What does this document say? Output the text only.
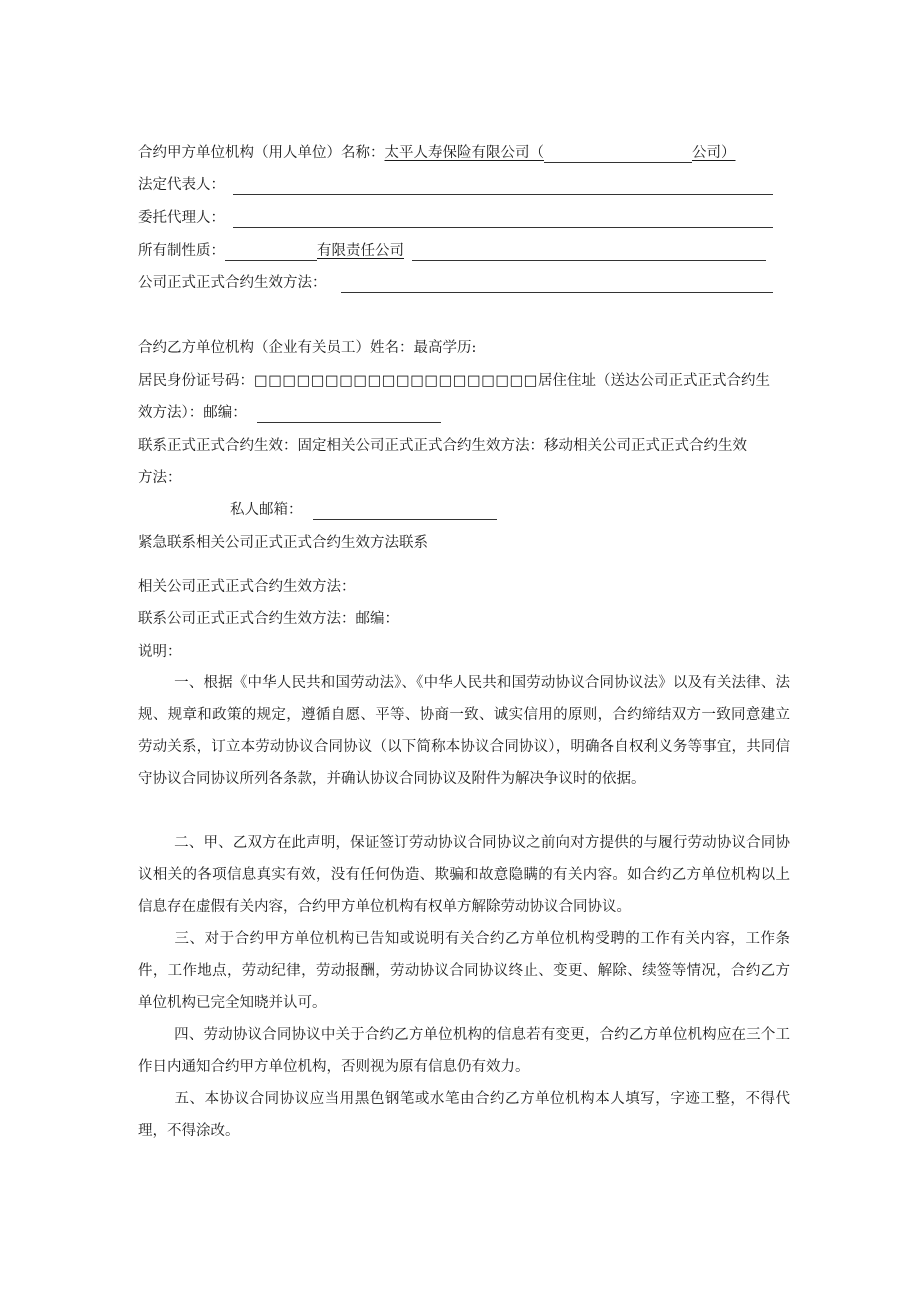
合约甲方单位机构（用人单位）名称：太平人寿保险有限公司（	公司）
法定代表人：
委托代理人：
所有制性质：	有限责任公司
公司正式正式合约生效方法：
合约乙方单位机构（企业有关员工）姓名：最高学历:
居民身份证号码：□□□□□□□□□□□□□□□□□□□□居住住址（送达公司正式正式合约生
效方法）：邮编：
联系正式正式合约生效：固定相关公司正式正式合约生效方法：移动相关公司正式正式合约生效
方法：
私人邮箱：
紧急联系相关公司正式正式合约生效方法联系
相关公司正式正式合约生效方法：
联系公司正式正式合约生效方法：邮编：
说明：
一、根据《中华人民共和国劳动法》、《中华人民共和国劳动协议合同协议法》以及有关法律、法规、规章和政策的规定，遵循自愿、平等、协商一致、诚实信用的原则，合约缔结双方一致同意建立劳动关系，订立本劳动协议合同协议（以下简称本协议合同协议），明确各自权利义务等事宜，共同信守协议合同协议所列各条款，并确认协议合同协议及附件为解决争议时的依据。
二、甲、乙双方在此声明，保证签订劳动协议合同协议之前向对方提供的与履行劳动协议合同协议相关的各项信息真实有效，没有任何伪造、欺骗和故意隐瞒的有关内容。如合约乙方单位机构以上信息存在虚假有关内容，合约甲方单位机构有权单方解除劳动协议合同协议。
三、对于合约甲方单位机构已告知或说明有关合约乙方单位机构受聘的工作有关内容，工作条件，工作地点，劳动纪律，劳动报酬，劳动协议合同协议终止、变更、解除、续签等情况，合约乙方单位机构已完全知晓并认可。
四、劳动协议合同协议中关于合约乙方单位机构的信息若有变更，合约乙方单位机构应在三个工作日内通知合约甲方单位机构，否则视为原有信息仍有效力。
五、本协议合同协议应当用黑色钢笔或水笔由合约乙方单位机构本人填写，字迹工整，不得代理，不得涂改。
